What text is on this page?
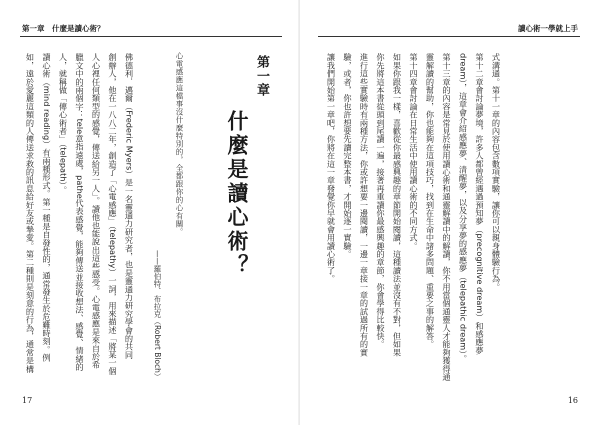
第一章　什麼是讀心術？
第一章
什麼是讀心術？
心電感應這檔事沒什麼特別的，全都跟你的心有關。
——羅伯特．布拉克（Robert Bloch）

佛德利．邁爾（Frederic Myers）是一名靈通力研究者，也是靈通力研究學會的共同

創辦人，他在一八八二年，創造了「心電感應」（telepathy）一詞，用來描述「將某一個

人心裡任何類型的感覺，傳送給另一人」。讀他也能說出這些感受。心電感應是來自於希

臘文中的兩個字：tele意指遠處，pathe代表感覺，能夠傳送並接收想法、感覺、情緒的

人，就稱做「傳心術者」（telepath）。

讀心術（mind reading）有兩種形式。第一種是自發性的，通常發生於危難時刻。例

如，遠於愛麗這類的人傳送求救的訊息給好友或摯愛。第二種則是刻意的行為，通常是構

17
讀心術一學就上手
16

式溝通。第十一章的內容包含數項實驗，讓你可以親身體驗行為。

第十二章會討論夢境，許多人都曾經遇過預知夢（precognitive dream）和感應夢

dream），這章會介紹感應夢、清醒夢，以及分享夢的感應夢（telepathic dream）。

第十三章的內容是常見於使用讀心術和通靈解讀中的解讀，你不用當個通靈人才能夠獲得通

靈解讀的幫助，你也能夠在這項技巧，找到在生命中諸多問題、重要之事的解答。

第十四章會討論在日常生活中使用讀心術的不同方式。

如果你跟我一樣，喜歡從你最感興趣的章節開始閱讀，這種讀法並沒有不對，但如果

你先將這本書從頭到尾讀一遍，接著再重讀你最感興趣的章節，你會學得比較快。

進行這些實驗時有兩種方法，你或許想要一邊閱讀，一邊一章接一章的試過所有的實

驗，或者，你也許想要先讀完整本書，才開始逐一實驗。

讓我們開始第一章吧，你將在這一章發覺你早就會用讀心術了。
